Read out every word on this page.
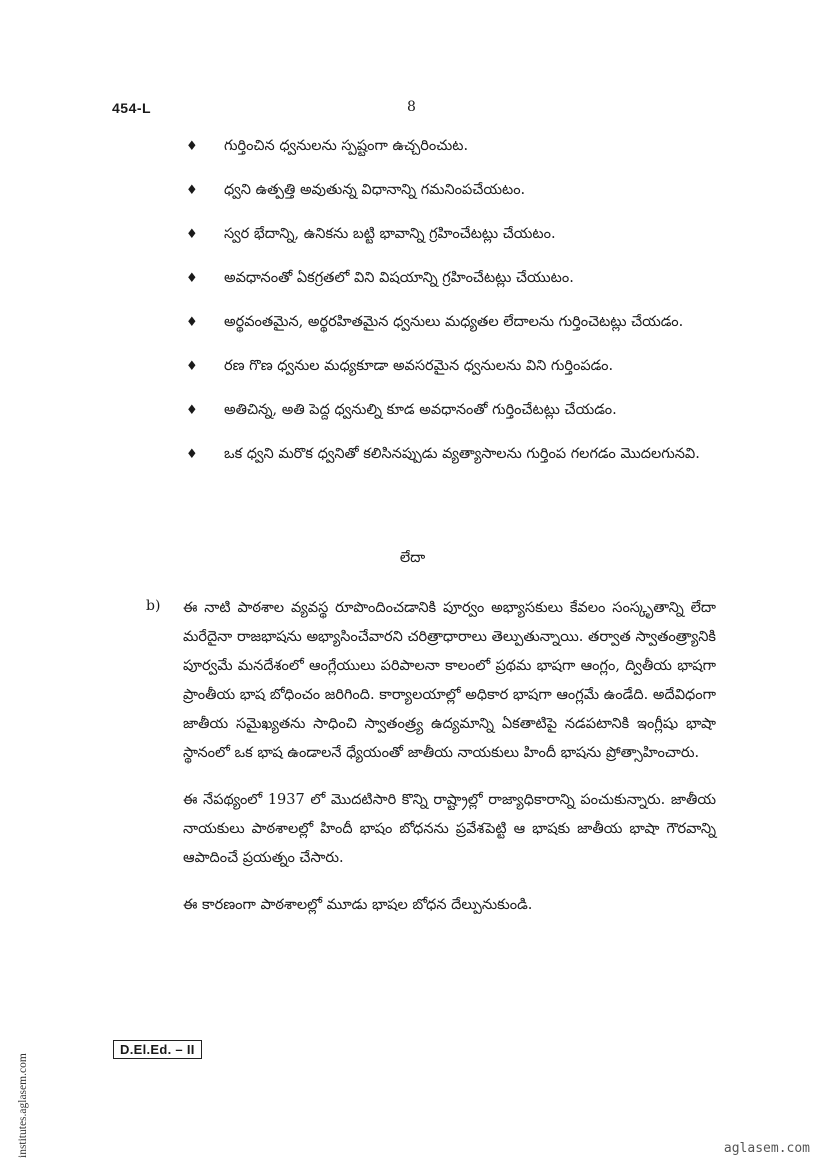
454-L	8
♦	గుర్తించిన ధ్వనులను స్పష్టంగా ఉచ్చరించుట.
♦	ధ్వని ఉత్పత్తి అవుతున్న విధానాన్ని గమనింపచేయటం.
♦	స్వర భేదాన్ని, ఉనికను బట్టి భావాన్ని గ్రహించేటట్లు చేయటం.
♦	అవధానంతో ఏకగ్రతలో విని విషయాన్ని గ్రహించేటట్లు చేయుటం.
♦	అర్థవంతమైన, అర్థరహితమైన ధ్వనులు మధ్యతల లేదాలను గుర్తించెటట్లు చేయడం.
♦	రణ గొణ ధ్వనుల మధ్యకూడా అవసరమైన ధ్వనులను విని గుర్తింపడం.
♦	అతిచిన్న, అతి పెద్ద ధ్వనుల్ని కూడ అవధానంతో గుర్తించేటట్లు చేయడం.
♦	ఒక ధ్వని మరొక ధ్వనితో కలిసినప్పుడు వ్యత్యాసాలను గుర్తింప గలగడం మొదలగునవి.
లేదా
b) ఈ నాటి పాఠశాల వ్యవస్థ రూపొందించడానికి పూర్వం అభ్యాసకులు కేవలం సంస్కృతాన్ని లేదా మరేదైనా రాజభాషను అభ్యాసించేవారని చరిత్రాధారాలు తెల్పుతున్నాయి. తర్వాత స్వాతంత్ర్యానికి పూర్వమే మనదేశంలో ఆంగ్లేయులు పరిపాలనా కాలంలో ప్రథమ భాషగా ఆంగ్లం, ద్వితీయ భాషగా ప్రాంతీయ భాష బోధించం జరిగింది. కార్యాలయాల్లో అధికార భాషగా ఆంగ్లమే ఉండేది. అదేవిధంగా జాతీయ సమైఖ్యతను సాధించి స్వాతంత్ర్య ఉద్యమాన్ని ఏకతాటిపై నడపటానికి ఇంగ్లీషు భాషా స్థానంలో ఒక భాష ఉండాలనే ధ్యేయంతో జాతీయ నాయకులు హిందీ భాషను ప్రోత్సాహించారు.

ఈ నేపథ్యంలో 1937 లో మొదటిసారి కొన్ని రాష్ట్రాల్లో రాజ్యాధికారాన్ని పంచుకున్నారు. జాతీయ నాయకులు పాఠశాలల్లో హిందీ భాషం బోధనను ప్రవేశపెట్టి ఆ భాషకు జాతీయ భాషా గౌరవాన్ని ఆపాదించే ప్రయత్నం చేసారు.

ఈ కారణంగా పాఠశాలల్లో మూడు భాషల బోధన దేల్పునుకుండి.

D.El.Ed. – II
institutes.aglasem.com	aglasem.com
